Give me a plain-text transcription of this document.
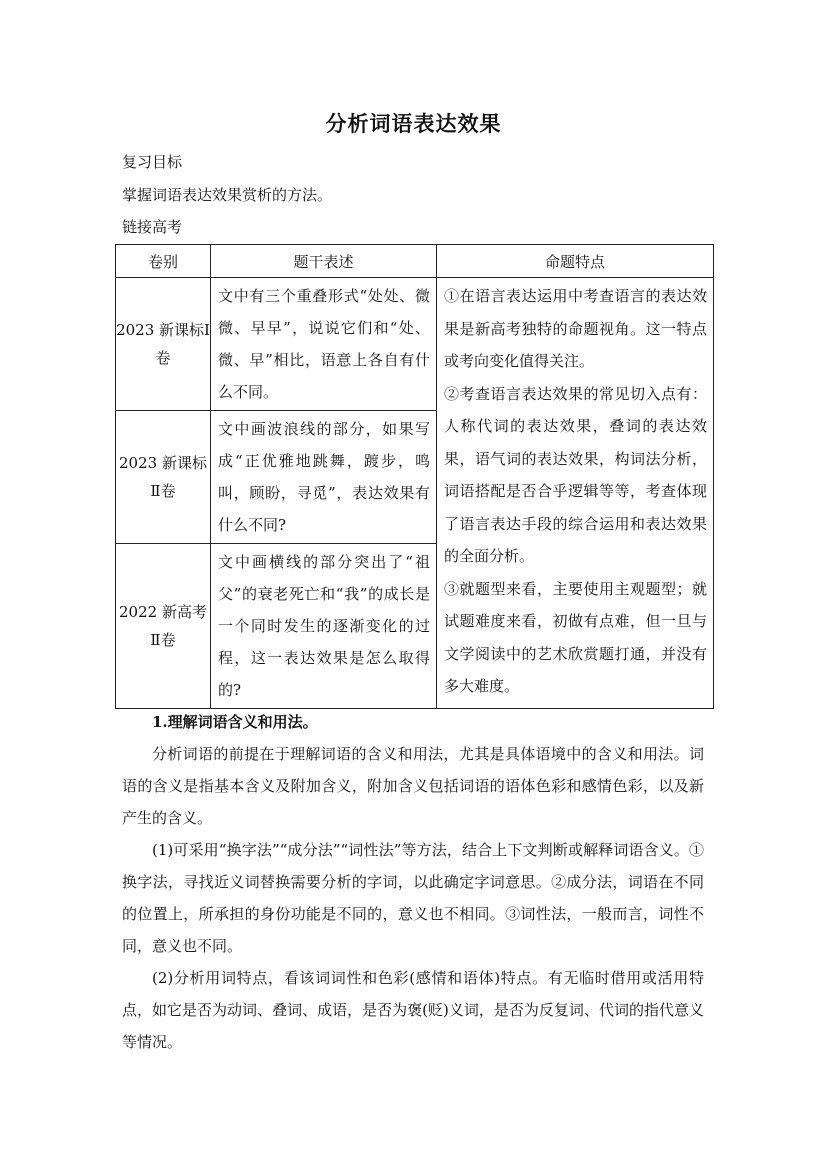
分析词语表达效果
复习目标
掌握词语表达效果赏析的方法。
链接高考
卷别	题干表述	命题特点
2023 新课标Ⅰ卷	文中有三个重叠形式“处处、微微、早早”，说说它们和“处、微、早”相比，语意上各自有什么不同。	①在语言表达运用中考查语言的表达效果是新高考独特的命题视角。这一特点或考向变化值得关注。

②考查语言表达效果的常见切入点有：人称代词的表达效果，叠词的表达效果，语气词的表达效果，构词法分析，词语搭配是否合乎逻辑等等，考查体现了语言表达手段的综合运用和表达效果的全面分析。

③就题型来看，主要使用主观题型；就试题难度来看，初做有点难，但一旦与文学阅读中的艺术欣赏题打通，并没有多大难度。

2023 新课标Ⅱ卷	文中画波浪线的部分，如果写成“正优雅地跳舞，踱步，鸣叫，顾盼，寻觅”，表达效果有什么不同?	
2022 新高考Ⅱ卷	文中画横线的部分突出了“祖父”的衰老死亡和“我”的成长是一个同时发生的逐渐变化的过程，这一表达效果是怎么取得的?	

1.理解词语含义和用法。

分析词语的前提在于理解词语的含义和用法，尤其是具体语境中的含义和用法。词语的含义是指基本含义及附加含义，附加含义包括词语的语体色彩和感情色彩，以及新产生的含义。

(1)可采用“换字法”“成分法”“词性法”等方法，结合上下文判断或解释词语含义。①换字法，寻找近义词替换需要分析的字词，以此确定字词意思。②成分法，词语在不同的位置上，所承担的身份功能是不同的，意义也不相同。③词性法，一般而言，词性不同，意义也不同。

(2)分析用词特点，看该词词性和色彩(感情和语体)特点。有无临时借用或活用特点，如它是否为动词、叠词、成语，是否为褒(贬)义词，是否为反复词、代词的指代意义等情况。
